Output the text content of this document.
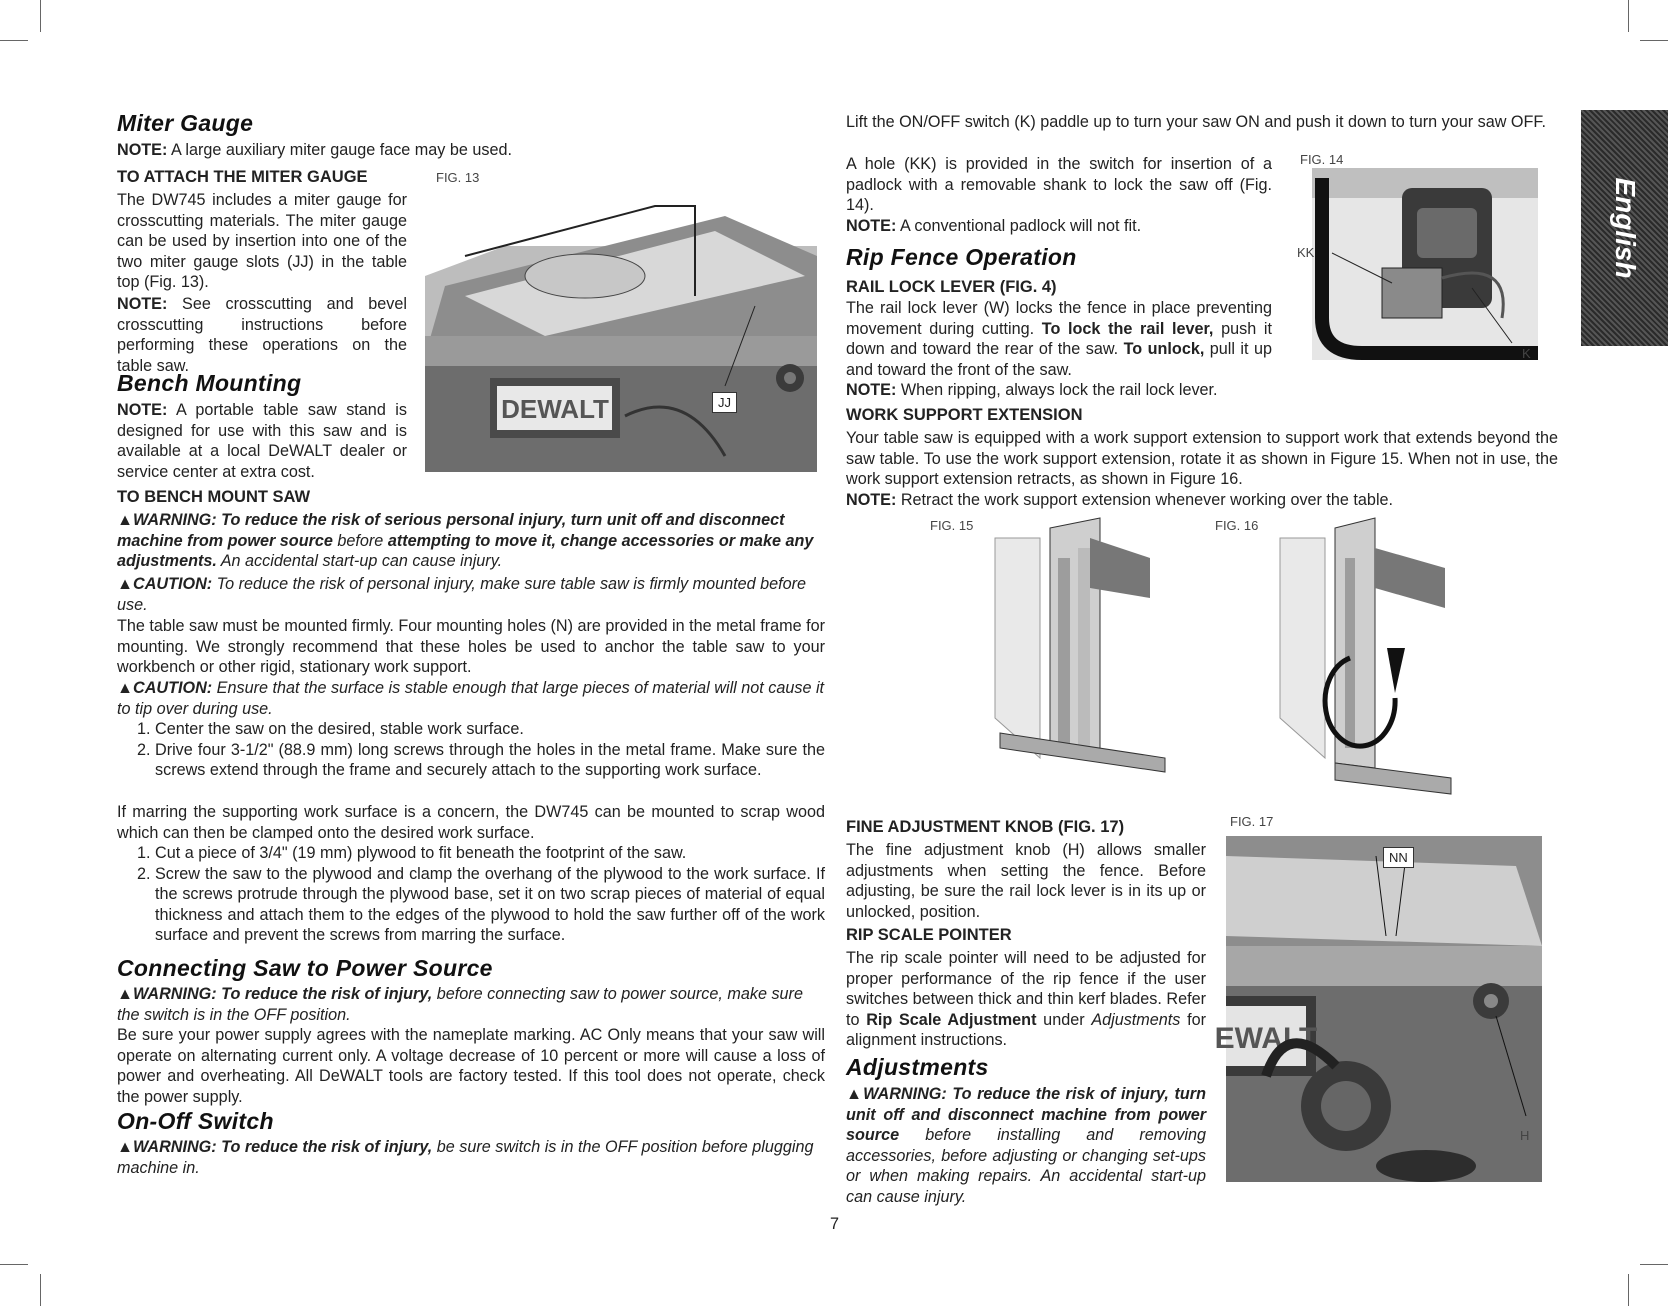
English
Miter Gauge

NOTE: A large auxiliary miter gauge face may be used.

TO ATTACH THE MITER GAUGE	FIG. 13

The DW745 includes a miter gauge for crosscutting materials. The miter gauge can be used by insertion into one of the two miter gauge slots (JJ) in the table top (Fig. 13).

NOTE: See crosscutting and bevel crosscutting instructions before performing these operations on the table saw.

DEWALT	JJ
Bench Mounting

NOTE: A portable table saw stand is designed for use with this saw and is available at a local DeWALT dealer or service center at extra cost.

TO BENCH MOUNT SAW

▲WARNING: To reduce the risk of serious personal injury, turn unit off and disconnect machine from power source before attempting to move it, change accessories or make any adjustments. An accidental start-up can cause injury.

▲CAUTION: To reduce the risk of personal injury, make sure table saw is firmly mounted before use.

The table saw must be mounted firmly. Four mounting holes (N) are provided in the metal frame for mounting. We strongly recommend that these holes be used to anchor the table saw to your workbench or other rigid, stationary work support.

▲CAUTION: Ensure that the surface is stable enough that large pieces of material will not cause it to tip over during use.

1. Center the saw on the desired, stable work surface.
2. Drive four 3-1/2" (88.9 mm) long screws through the holes in the metal frame. Make sure the screws extend through the frame and securely attach to the supporting work surface.

If marring the supporting work surface is a concern, the DW745 can be mounted to scrap wood which can then be clamped onto the desired work surface.

1. Cut a piece of 3/4" (19 mm) plywood to fit beneath the footprint of the saw.
2. Screw the saw to the plywood and clamp the overhang of the plywood to the work surface. If the screws protrude through the plywood base, set it on two scrap pieces of material of equal thickness and attach them to the edges of the plywood to hold the saw further off of the work surface and prevent the screws from marring the surface.
Connecting Saw to Power Source

▲WARNING: To reduce the risk of injury, before connecting saw to power source, make sure the switch is in the OFF position.

Be sure your power supply agrees with the nameplate marking. AC Only means that your saw will operate on alternating current only. A voltage decrease of 10 percent or more will cause a loss of power and overheating. All DeWALT tools are factory tested. If this tool does not operate, check the power supply.

On-Off Switch

▲WARNING: To reduce the risk of injury, be sure switch is in the OFF position before plugging machine in.

7

Lift the ON/OFF switch (K) paddle up to turn your saw ON and push it down to turn your saw OFF.

A hole (KK) is provided in the switch for insertion of a padlock with a removable shank to lock the saw off (Fig. 14).

NOTE: A conventional padlock will not fit.

FIG. 14
KK
K
Rip Fence Operation
RAIL LOCK LEVER (FIG. 4)

The rail lock lever (W) locks the fence in place preventing movement during cutting. To lock the rail lever, push it down and toward the rear of the saw. To unlock, pull it up and toward the front of the saw.

NOTE: When ripping, always lock the rail lock lever.

WORK SUPPORT EXTENSION

Your table saw is equipped with a work support extension to support work that extends beyond the saw table. To use the work support extension, rotate it as shown in Figure 15. When not in use, the work support extension retracts, as shown in Figure 16.

NOTE: Retract the work support extension whenever working over the table.

FIG. 15	FIG. 16
FINE ADJUSTMENT KNOB (FIG. 17)

The fine adjustment knob (H) allows smaller adjustments when setting the fence. Before adjusting, be sure the rail lock lever is in its up or unlocked, position.

FIG. 17
EWALT
NN
H
RIP SCALE POINTER

The rip scale pointer will need to be adjusted for proper performance of the rip fence if the user switches between thick and thin kerf blades. Refer to Rip Scale Adjustment under Adjustments for alignment instructions.

Adjustments

▲WARNING: To reduce the risk of injury, turn unit off and disconnect machine from power source before installing and removing accessories, before adjusting or changing set-ups or when making repairs. An accidental start-up can cause injury.
